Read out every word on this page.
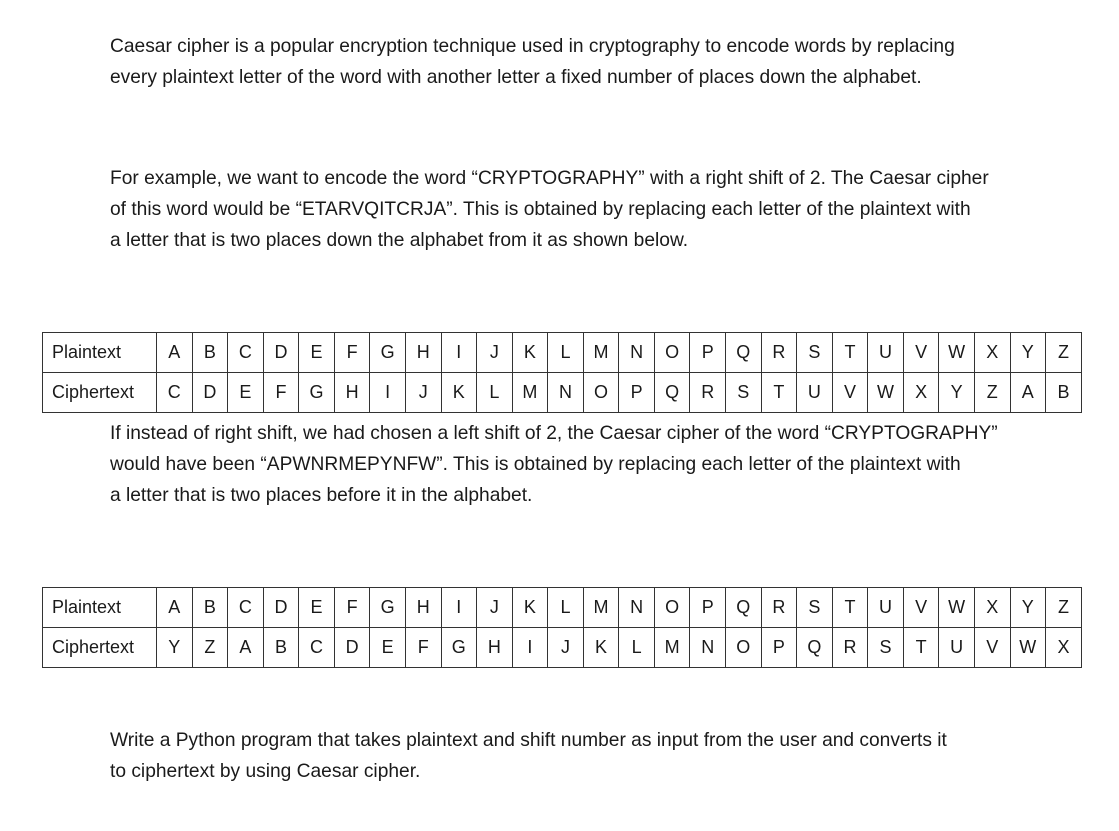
Caesar cipher is a popular encryption technique used in cryptography to encode words by replacing
every plaintext letter of the word with another letter a fixed number of places down the alphabet.
For example, we want to encode the word “CRYPTOGRAPHY” with a right shift of 2. The Caesar cipher
of this word would be “ETARVQITCRJA”. This is obtained by replacing each letter of the plaintext with
a letter that is two places down the alphabet from it as shown below.
Plaintext	A	B	C	D	E	F	G	H	I	J	K	L	M	N	O	P	Q	R	S	T	U	V	W	X	Y	Z
Ciphertext	C	D	E	F	G	H	I	J	K	L	M	N	O	P	Q	R	S	T	U	V	W	X	Y	Z	A	B
If instead of right shift, we had chosen a left shift of 2, the Caesar cipher of the word “CRYPTOGRAPHY”
would have been “APWNRMEPYNFW”. This is obtained by replacing each letter of the plaintext with
a letter that is two places before it in the alphabet.
Plaintext	A	B	C	D	E	F	G	H	I	J	K	L	M	N	O	P	Q	R	S	T	U	V	W	X	Y	Z
Ciphertext	Y	Z	A	B	C	D	E	F	G	H	I	J	K	L	M	N	O	P	Q	R	S	T	U	V	W	X
Write a Python program that takes plaintext and shift number as input from the user and converts it
to ciphertext by using Caesar cipher.
